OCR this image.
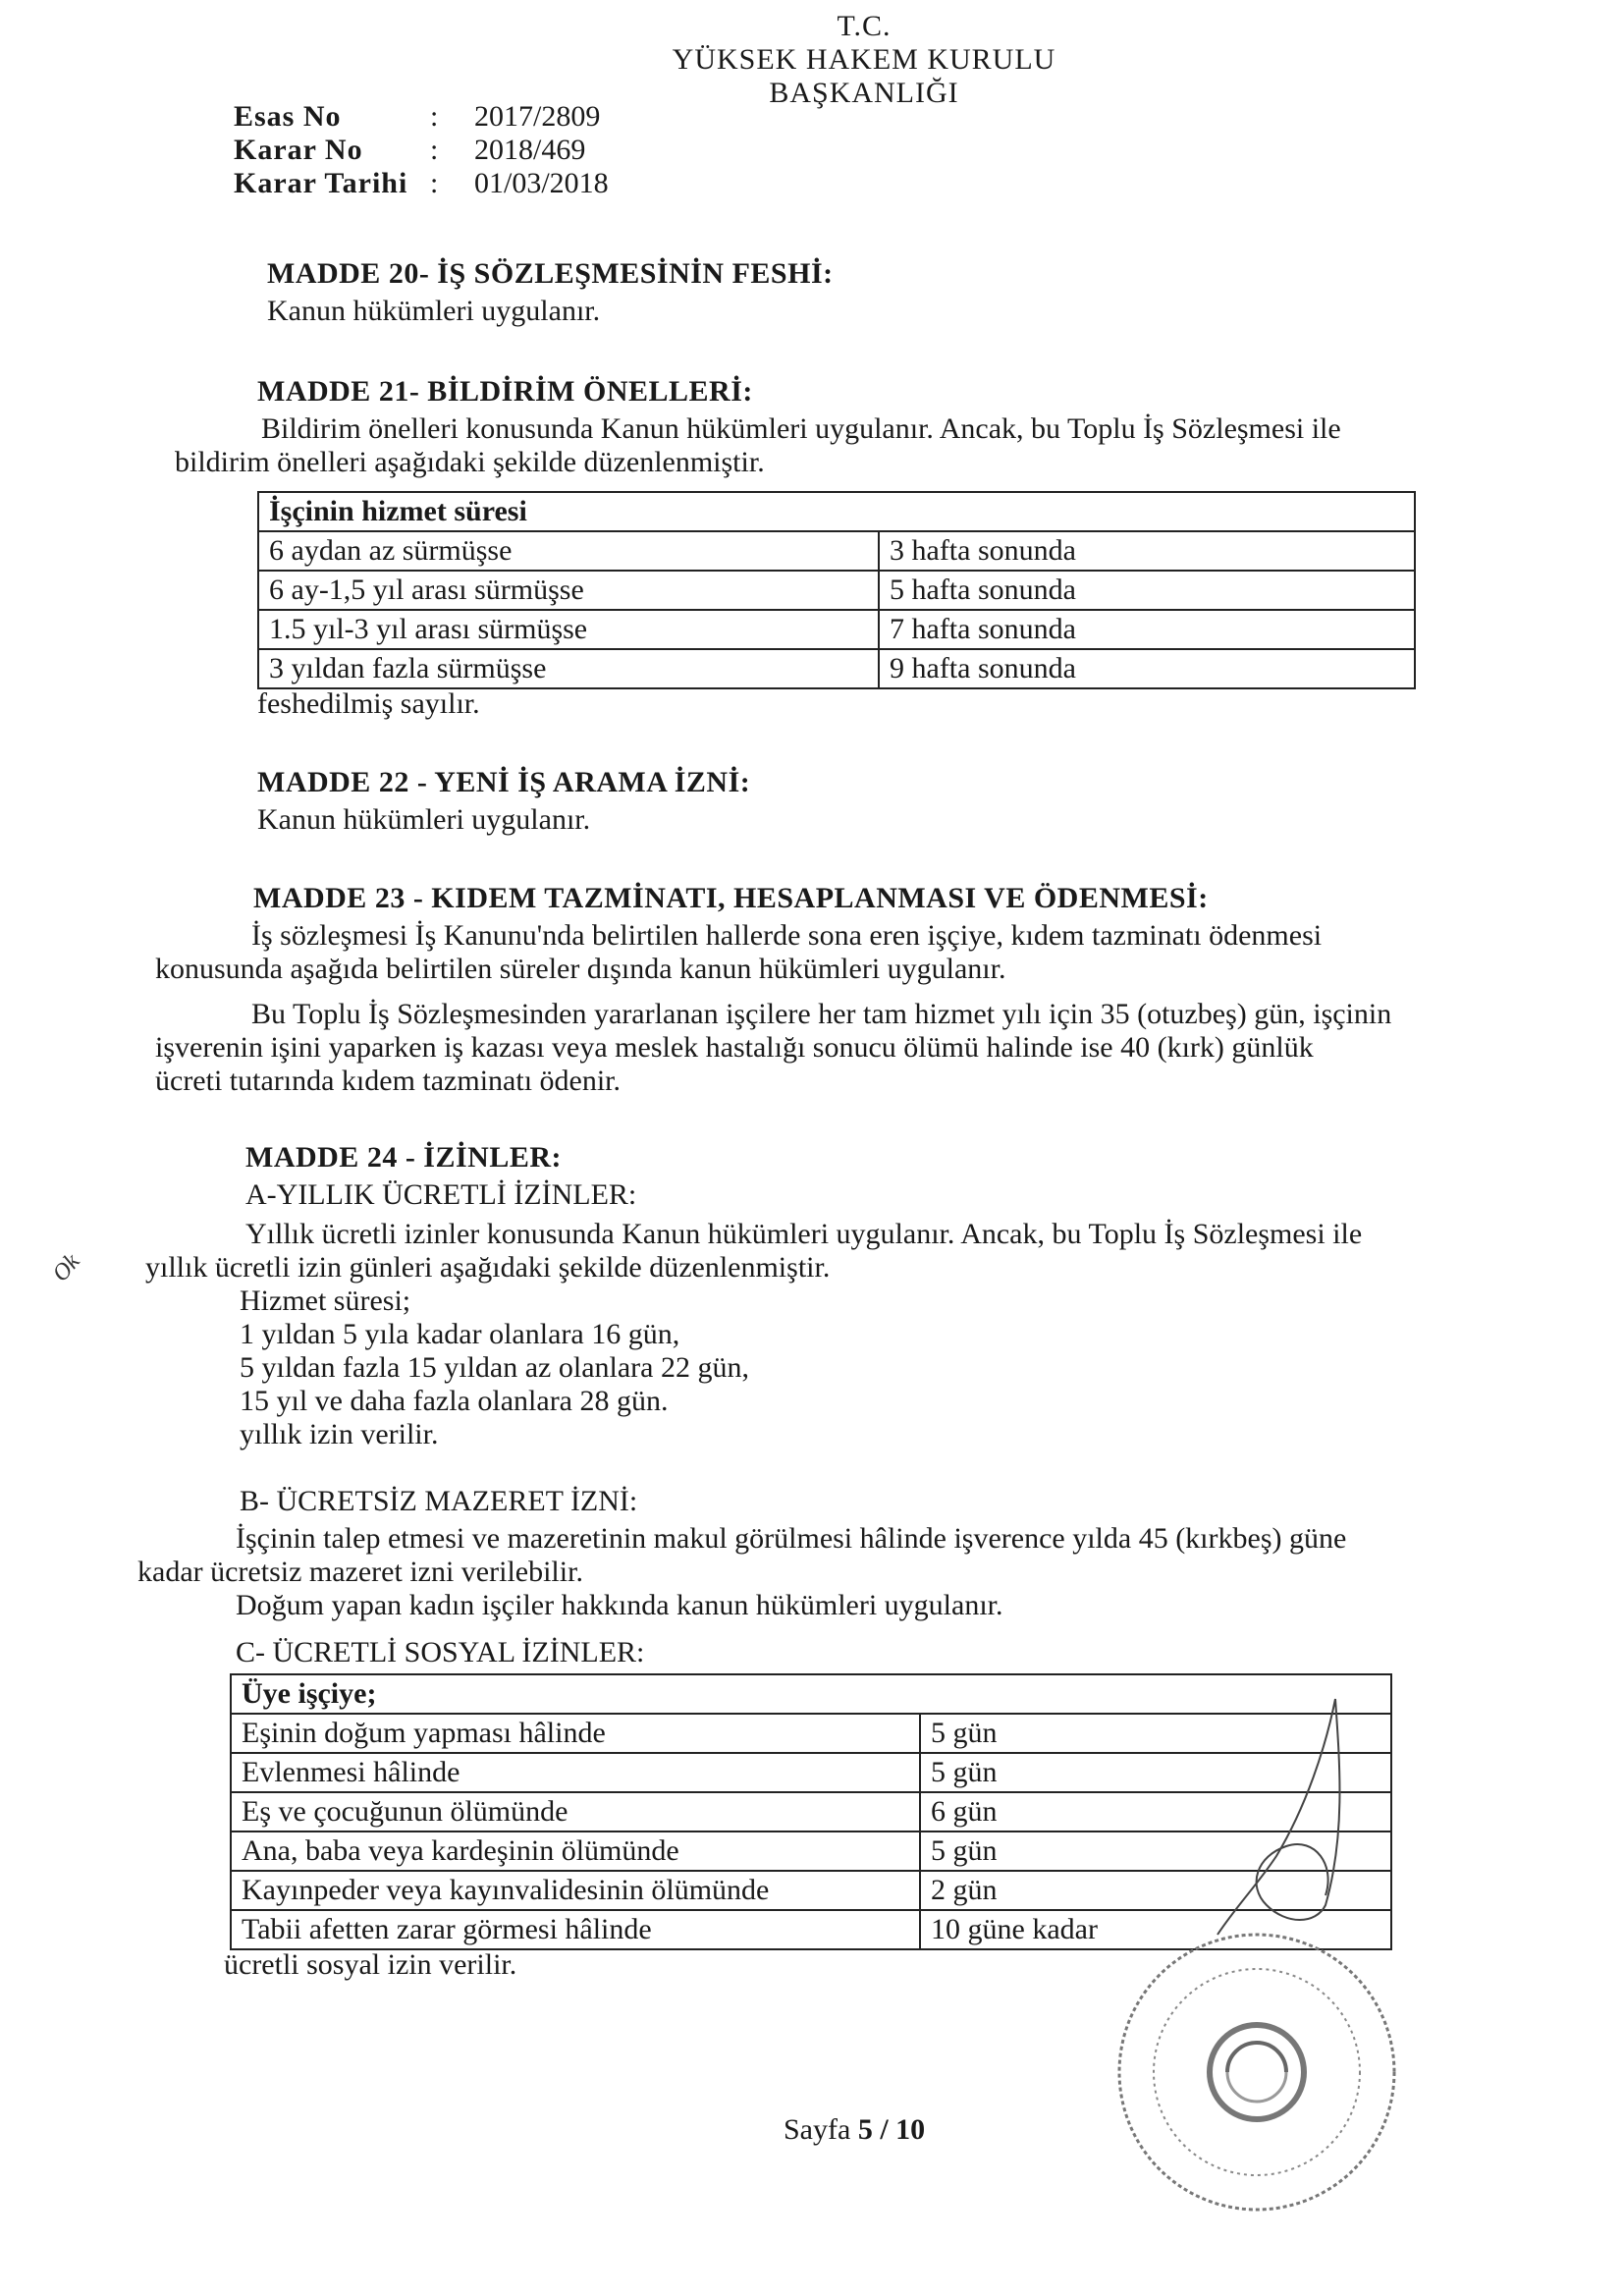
T.C.
YÜKSEK HAKEM KURULU
BAŞKANLIĞI
Esas No	: 2017/2809
Karar No : 2018/469
Karar Tarihi : 01/03/2018
MADDE 20- İŞ SÖZLEŞMESİNİN FESHİ:
Kanun hükümleri uygulanır.
MADDE 21- BİLDİRİM ÖNELLERİ:
Bildirim önelleri konusunda Kanun hükümleri uygulanır. Ancak, bu Toplu İş Sözleşmesi ile
bildirim önelleri aşağıdaki şekilde düzenlenmiştir.
İşçinin hizmet süresi	
6 aydan az sürmüşse	3 hafta sonunda
6 ay-1,5 yıl arası sürmüşse	5 hafta sonunda
1.5 yıl-3 yıl arası sürmüşse	7 hafta sonunda
3 yıldan fazla sürmüşse	9 hafta sonunda
feshedilmiş sayılır.
MADDE 22 - YENİ İŞ ARAMA İZNİ:
Kanun hükümleri uygulanır.
MADDE 23 - KIDEM TAZMİNATI, HESAPLANMASI VE ÖDENMESİ:
İş sözleşmesi İş Kanunu'nda belirtilen hallerde sona eren işçiye, kıdem tazminatı ödenmesi
konusunda aşağıda belirtilen süreler dışında kanun hükümleri uygulanır.
Bu Toplu İş Sözleşmesinden yararlanan işçilere her tam hizmet yılı için 35 (otuzbeş) gün, işçinin
işverenin işini yaparken iş kazası veya meslek hastalığı sonucu ölümü halinde ise 40 (kırk) günlük
ücreti tutarında kıdem tazminatı ödenir.
MADDE 24 - İZİNLER:
A-YILLIK ÜCRETLİ İZİNLER:
Yıllık ücretli izinler konusunda Kanun hükümleri uygulanır. Ancak, bu Toplu İş Sözleşmesi ile
yıllık ücretli izin günleri aşağıdaki şekilde düzenlenmiştir.
Hizmet süresi;
1 yıldan 5 yıla kadar olanlara 16 gün,
5 yıldan fazla 15 yıldan az olanlara 22 gün,
15 yıl ve daha fazla olanlara 28 gün.
yıllık izin verilir.
B- ÜCRETSİZ MAZERET İZNİ:
İşçinin talep etmesi ve mazeretinin makul görülmesi hâlinde işverence yılda 45 (kırkbeş) güne
kadar ücretsiz mazeret izni verilebilir.
Doğum yapan kadın işçiler hakkında kanun hükümleri uygulanır.
C- ÜCRETLİ SOSYAL İZİNLER:
Üye işçiye;	
Eşinin doğum yapması hâlinde	5 gün
Evlenmesi hâlinde	5 gün
Eş ve çocuğunun ölümünde	6 gün
Ana, baba veya kardeşinin ölümünde	5 gün
Kayınpeder veya kayınvalidesinin ölümünde	2 gün
Tabii afetten zarar görmesi hâlinde	10 güne kadar
ücretli sosyal izin verilir.
Ok
Sayfa 5 / 10
